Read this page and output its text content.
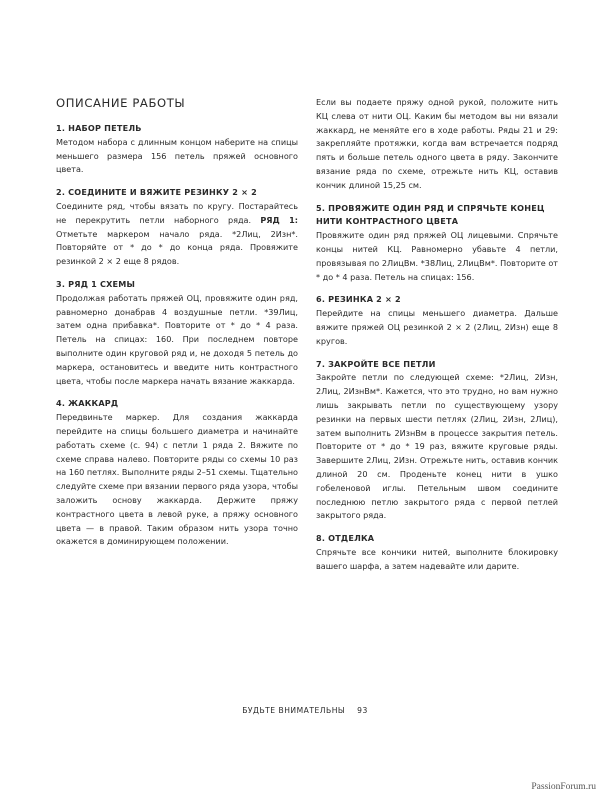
ОПИСАНИЕ РАБОТЫ

1. НАБОР ПЕТЕЛЬ

Методом набора с длинным концом наберите на спицы меньшего размера 156 петель пряжей основного цвета.

2. СОЕДИНИТЕ И ВЯЖИТЕ РЕЗИНКУ 2 × 2

Соедините ряд, чтобы вязать по кругу. Постарайтесь не перекрутить петли наборного ряда. РЯД 1: Отметьте маркером начало ряда. *2Лиц, 2Изн*. Повторяйте от * до * до конца ряда. Провяжите резинкой 2 × 2 еще 8 рядов.

3. РЯД 1 СХЕМЫ

Продолжая работать пряжей ОЦ, провяжите один ряд, равномерно донабрав 4 воздушные петли. *39Лиц, затем одна прибавка*. Повторите от * до * 4 раза. Петель на спицах: 160. При последнем повторе выполните один круговой ряд и, не доходя 5 петель до маркера, остановитесь и введите нить контрастного цвета, чтобы после маркера начать вязание жаккарда.

4. ЖАККАРД

Передвиньте маркер. Для создания жаккарда перейдите на спицы большего диаметра и начинайте работать схеме (с. 94) с петли 1 ряда 2. Вяжите по схеме справа налево. Повторите ряды со схемы 10 раз на 160 петлях. Выполните ряды 2–51 схемы. Тщательно следуйте схеме при вязании первого ряда узора, чтобы заложить основу жаккарда. Держите пряжу контрастного цвета в левой руке, а пряжу основного цвета — в правой. Таким образом нить узора точно окажется в доминирующем положении.

Если вы подаете пряжу одной рукой, положите нить КЦ слева от нити ОЦ. Каким бы методом вы ни вязали жаккард, не меняйте его в ходе работы. Ряды 21 и 29: закрепляйте протяжки, когда вам встречается подряд пять и больше петель одного цвета в ряду. Закончите вязание ряда по схеме, отрежьте нить КЦ, оставив кончик длиной 15,25 см.

5. ПРОВЯЖИТЕ ОДИН РЯД И СПРЯЧЬТЕ КОНЕЦ НИТИ КОНТРАСТНОГО ЦВЕТА

Провяжите один ряд пряжей ОЦ лицевыми. Спрячьте концы нитей КЦ. Равномерно убавьте 4 петли, провязывая по 2ЛицВм. *38Лиц, 2ЛицВм*. Повторите от * до * 4 раза. Петель на спицах: 156.

6. РЕЗИНКА 2 × 2

Перейдите на спицы меньшего диаметра. Дальше вяжите пряжей ОЦ резинкой 2 × 2 (2Лиц, 2Изн) еще 8 кругов.

7. ЗАКРОЙТЕ ВСЕ ПЕТЛИ

Закройте петли по следующей схеме: *2Лиц, 2Изн, 2Лиц, 2ИзнВм*. Кажется, что это трудно, но вам нужно лишь закрывать петли по существующему узору резинки на первых шести петлях (2Лиц, 2Изн, 2Лиц), затем выполнить 2ИзнВм в процессе закрытия петель. Повторите от * до * 19 раз, вяжите круговые ряды. Завершите 2Лиц, 2Изн. Отрежьте нить, оставив кончик длиной 20 см. Проденьте конец нити в ушко гобеленовой иглы. Петельным швом соедините последнюю петлю закрытого ряда с первой петлей закрытого ряда.

8. ОТДЕЛКА

Спрячьте все кончики нитей, выполните блокировку вашего шарфа, а затем надевайте или дарите.

БУДЬТЕ ВНИМАТЕЛЬНЫ 93
PassionForum.ru
